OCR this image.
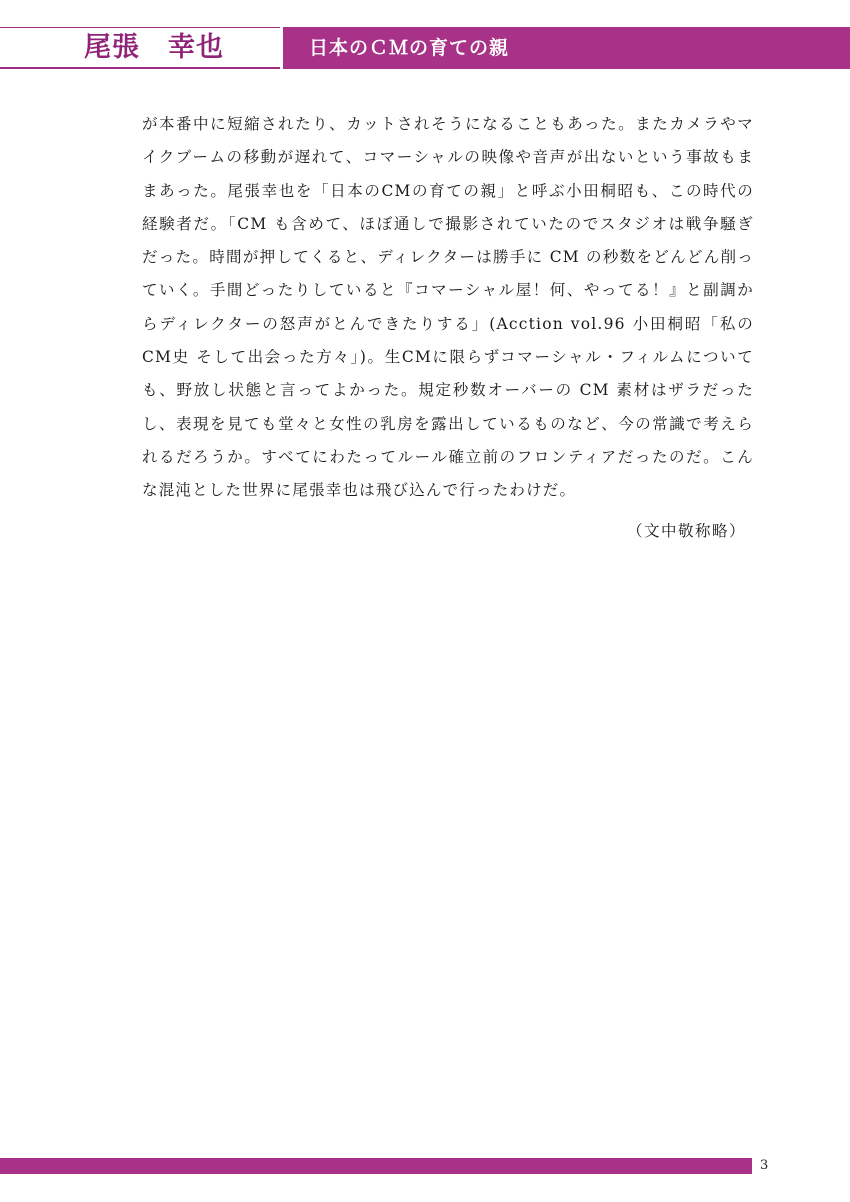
尾張　幸也	日本のＣＭの育ての親
が本番中に短縮されたり、カットされそうになることもあった。またカメラやマイクブームの移動が遅れて、コマーシャルの映像や音声が出ないという事故もままあった。尾張幸也を「日本のCMの育ての親」と呼ぶ小田桐昭も、この時代の経験者だ。「CM も含めて、ほぼ通しで撮影されていたのでスタジオは戦争騒ぎだった。時間が押してくると、ディレクターは勝手に CM の秒数をどんどん削っていく。手間どったりしていると『コマーシャル屋！何、やってる！』と副調からディレクターの怒声がとんできたりする」(Acction vol.96 小田桐昭「私のCM史 そして出会った方々」)。生CMに限らずコマーシャル・フィルムについても、野放し状態と言ってよかった。規定秒数オーバーの CM 素材はザラだったし、表現を見ても堂々と女性の乳房を露出しているものなど、今の常識で考えられるだろうか。すべてにわたってルール確立前のフロンティアだったのだ。こんな混沌とした世界に尾張幸也は飛び込んで行ったわけだ。
（文中敬称略）
3
